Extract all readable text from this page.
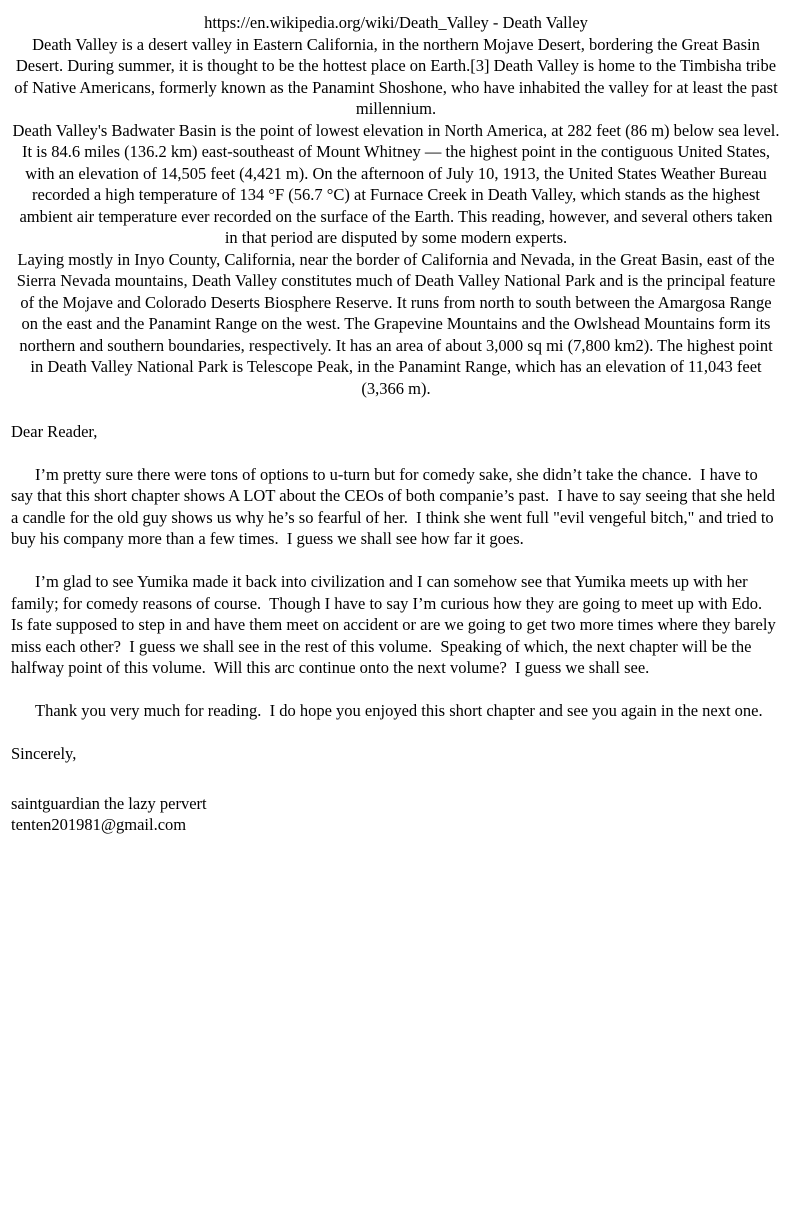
https://en.wikipedia.org/wiki/Death_Valley - Death Valley

Death Valley is a desert valley in Eastern California, in the northern Mojave Desert, bordering the Great Basin Desert. During summer, it is thought to be the hottest place on Earth.[3] Death Valley is home to the Timbisha tribe of Native Americans, formerly known as the Panamint Shoshone, who have inhabited the valley for at least the past millennium.

Death Valley's Badwater Basin is the point of lowest elevation in North America, at 282 feet (86 m) below sea level. It is 84.6 miles (136.2 km) east-southeast of Mount Whitney — the highest point in the contiguous United States, with an elevation of 14,505 feet (4,421 m). On the afternoon of July 10, 1913, the United States Weather Bureau recorded a high temperature of 134 °F (56.7 °C) at Furnace Creek in Death Valley, which stands as the highest ambient air temperature ever recorded on the surface of the Earth. This reading, however, and several others taken in that period are disputed by some modern experts.

Laying mostly in Inyo County, California, near the border of California and Nevada, in the Great Basin, east of the Sierra Nevada mountains, Death Valley constitutes much of Death Valley National Park and is the principal feature of the Mojave and Colorado Deserts Biosphere Reserve. It runs from north to south between the Amargosa Range on the east and the Panamint Range on the west. The Grapevine Mountains and the Owlshead Mountains form its northern and southern boundaries, respectively. It has an area of about 3,000 sq mi (7,800 km2). The highest point in Death Valley National Park is Telescope Peak, in the Panamint Range, which has an elevation of 11,043 feet (3,366 m).

Dear Reader,

I’m pretty sure there were tons of options to u-turn but for comedy sake, she didn’t take the chance.  I have to say that this short chapter shows A LOT about the CEOs of both companie’s past.  I have to say seeing that she held a candle for the old guy shows us why he’s so fearful of her.  I think she went full "evil vengeful bitch," and tried to buy his company more than a few times.  I guess we shall see how far it goes.

I’m glad to see Yumika made it back into civilization and I can somehow see that Yumika meets up with her family; for comedy reasons of course.  Though I have to say I’m curious how they are going to meet up with Edo.  Is fate supposed to step in and have them meet on accident or are we going to get two more times where they barely miss each other?  I guess we shall see in the rest of this volume.  Speaking of which, the next chapter will be the halfway point of this volume.  Will this arc continue onto the next volume?  I guess we shall see.

Thank you very much for reading.  I do hope you enjoyed this short chapter and see you again in the next one.

Sincerely,

saintguardian the lazy pervert
tenten201981@gmail.com
